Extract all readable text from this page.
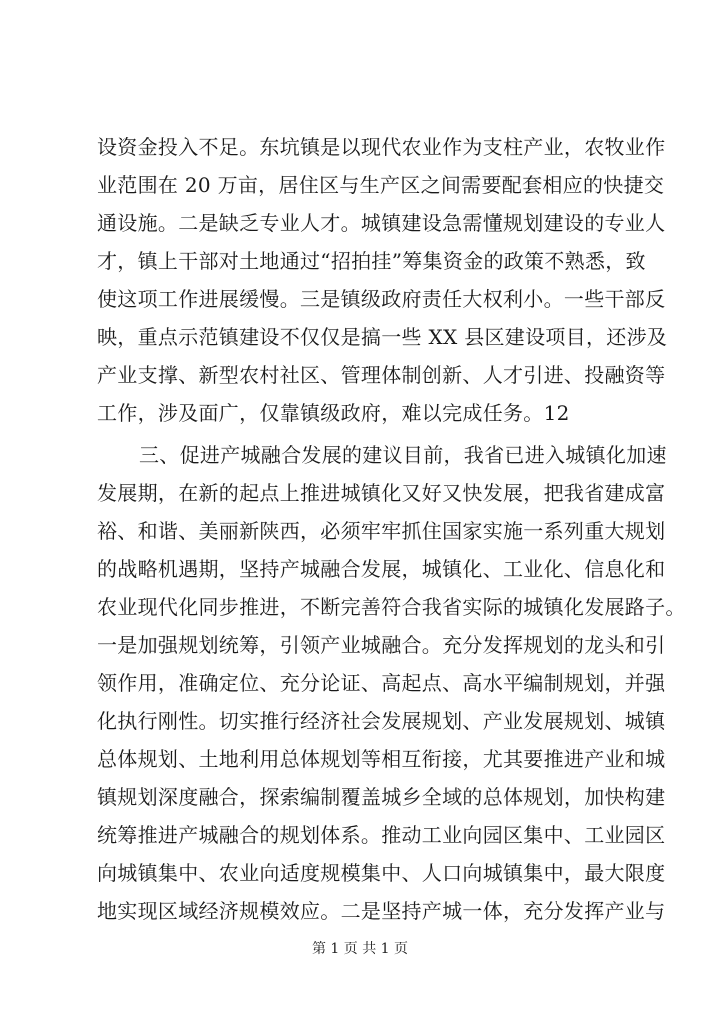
设资金投入不足。东坑镇是以现代农业作为支柱产业，农牧业作
业范围在 20 万亩，居住区与生产区之间需要配套相应的快捷交
通设施。二是缺乏专业人才。城镇建设急需懂规划建设的专业人
才，镇上干部对土地通过“招拍挂”筹集资金的政策不熟悉，致
使这项工作进展缓慢。三是镇级政府责任大权利小。一些干部反
映，重点示范镇建设不仅仅是搞一些 XX 县区建设项目，还涉及
产业支撑、新型农村社区、管理体制创新、人才引进、投融资等
工作，涉及面广，仅靠镇级政府，难以完成任务。12
三、促进产城融合发展的建议目前，我省已进入城镇化加速
发展期，在新的起点上推进城镇化又好又快发展，把我省建成富
裕、和谐、美丽新陕西，必须牢牢抓住国家实施一系列重大规划
的战略机遇期，坚持产城融合发展，城镇化、工业化、信息化和
农业现代化同步推进，不断完善符合我省实际的城镇化发展路子。
一是加强规划统筹，引领产业城融合。充分发挥规划的龙头和引
领作用，准确定位、充分论证、高起点、高水平编制规划，并强
化执行刚性。切实推行经济社会发展规划、产业发展规划、城镇
总体规划、土地利用总体规划等相互衔接，尤其要推进产业和城
镇规划深度融合，探索编制覆盖城乡全域的总体规划，加快构建
统筹推进产城融合的规划体系。推动工业向园区集中、工业园区
向城镇集中、农业向适度规模集中、人口向城镇集中，最大限度
地实现区域经济规模效应。二是坚持产城一体，充分发挥产业与
第 1 页 共 1 页
